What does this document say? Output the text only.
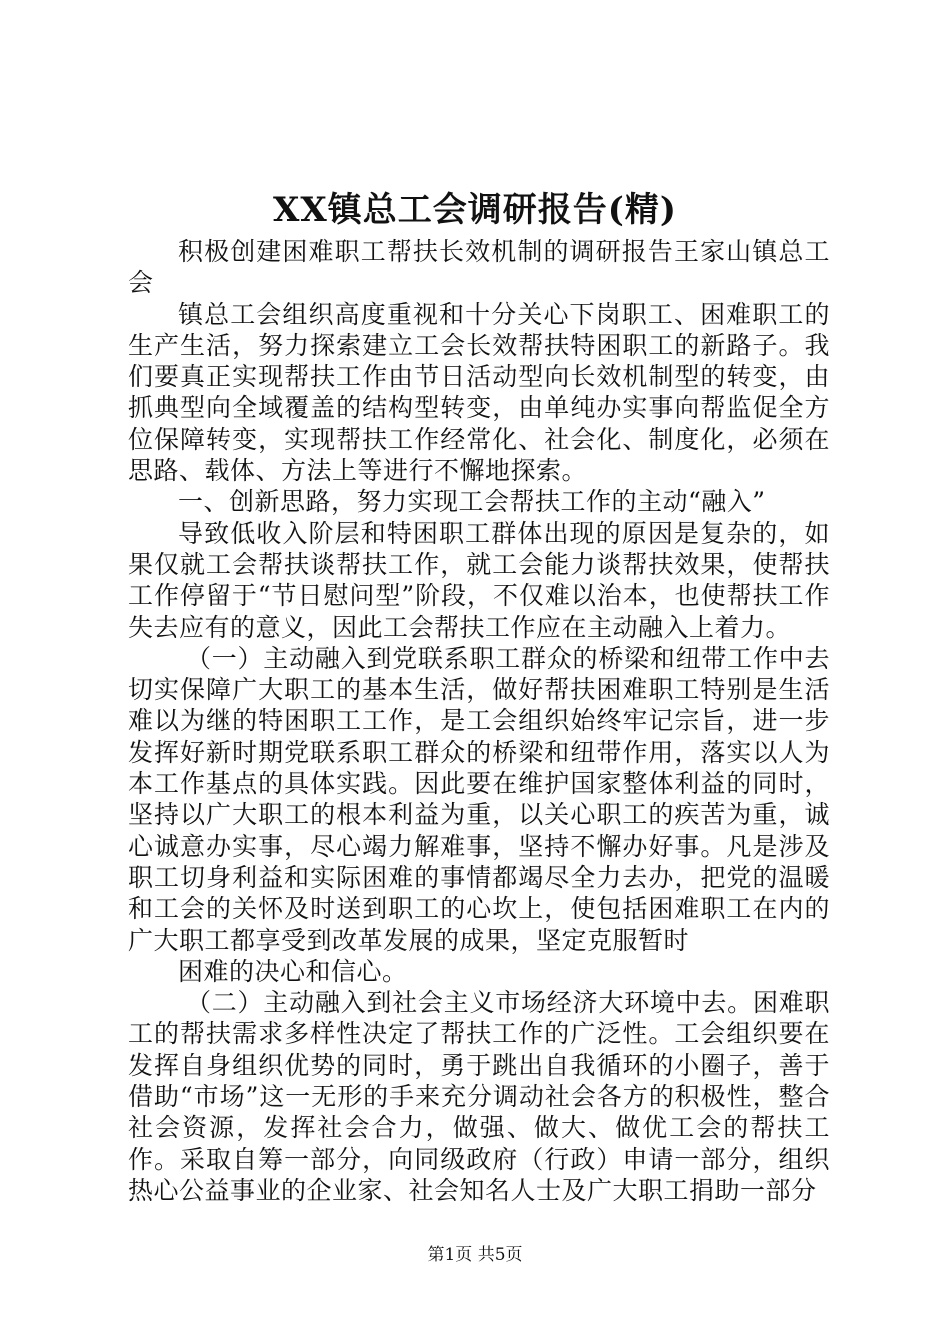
XX镇总工会调研报告(精)

积极创建困难职工帮扶长效机制的调研报告王家山镇总工会

镇总工会组织高度重视和十分关心下岗职工、困难职工的生产生活，努力探索建立工会长效帮扶特困职工的新路子。我们要真正实现帮扶工作由节日活动型向长效机制型的转变，由抓典型向全域覆盖的结构型转变，由单纯办实事向帮监促全方位保障转变，实现帮扶工作经常化、社会化、制度化，必须在思路、载体、方法上等进行不懈地探索。

一、创新思路，努力实现工会帮扶工作的主动“融入”

导致低收入阶层和特困职工群体出现的原因是复杂的，如果仅就工会帮扶谈帮扶工作，就工会能力谈帮扶效果，使帮扶工作停留于“节日慰问型”阶段，不仅难以治本，也使帮扶工作失去应有的意义，因此工会帮扶工作应在主动融入上着力。

（一）主动融入到党联系职工群众的桥梁和纽带工作中去切实保障广大职工的基本生活，做好帮扶困难职工特别是生活难以为继的特困职工工作，是工会组织始终牢记宗旨，进一步发挥好新时期党联系职工群众的桥梁和纽带作用，落实以人为本工作基点的具体实践。因此要在维护国家整体利益的同时，坚持以广大职工的根本利益为重，以关心职工的疾苦为重，诚心诚意办实事，尽心竭力解难事，坚持不懈办好事。凡是涉及职工切身利益和实际困难的事情都竭尽全力去办，把党的温暖和工会的关怀及时送到职工的心坎上，使包括困难职工在内的广大职工都享受到改革发展的成果，坚定克服暂时

困难的决心和信心。

（二）主动融入到社会主义市场经济大环境中去。困难职工的帮扶需求多样性决定了帮扶工作的广泛性。工会组织要在发挥自身组织优势的同时，勇于跳出自我循环的小圈子，善于借助“市场”这一无形的手来充分调动社会各方的积极性，整合社会资源，发挥社会合力，做强、做大、做优工会的帮扶工作。采取自筹一部分，向同级政府（行政）申请一部分，组织热心公益事业的企业家、社会知名人士及广大职工捐助一部分

第1页 共5页
